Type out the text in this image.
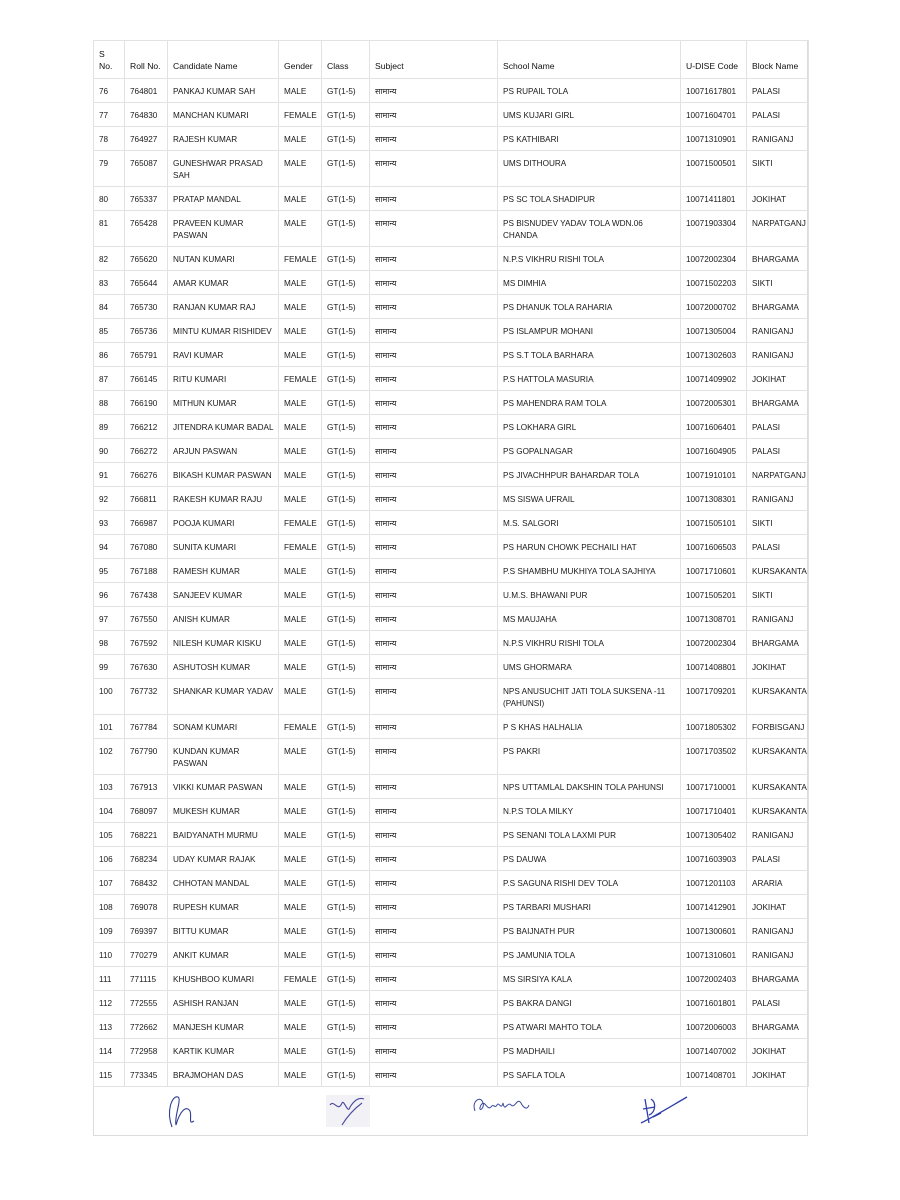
S No.	Roll No.	Candidate Name	Gender	Class	Subject	School Name	U-DISE Code	Block Name
76	764801	PANKAJ KUMAR SAH	MALE	GT(1-5)	सामान्य	PS RUPAIL TOLA	10071617801	PALASI
77	764830	MANCHAN KUMARI	FEMALE	GT(1-5)	सामान्य	UMS KUJARI GIRL	10071604701	PALASI
78	764927	RAJESH KUMAR	MALE	GT(1-5)	सामान्य	PS KATHIBARI	10071310901	RANIGANJ
79	765087	GUNESHWAR PRASAD SAH	MALE	GT(1-5)	सामान्य	UMS DITHOURA	10071500501	SIKTI
80	765337	PRATAP MANDAL	MALE	GT(1-5)	सामान्य	PS SC TOLA SHADIPUR	10071411801	JOKIHAT
81	765428	PRAVEEN KUMAR PASWAN	MALE	GT(1-5)	सामान्य	PS BISNUDEV YADAV TOLA WDN.06 CHANDA	10071903304	NARPATGANJ
82	765620	NUTAN KUMARI	FEMALE	GT(1-5)	सामान्य	N.P.S VIKHRU RISHI TOLA	10072002304	BHARGAMA
83	765644	AMAR KUMAR	MALE	GT(1-5)	सामान्य	MS DIMHIA	10071502203	SIKTI
84	765730	RANJAN KUMAR RAJ	MALE	GT(1-5)	सामान्य	PS DHANUK TOLA RAHARIA	10072000702	BHARGAMA
85	765736	MINTU KUMAR RISHIDEV	MALE	GT(1-5)	सामान्य	PS ISLAMPUR MOHANI	10071305004	RANIGANJ
86	765791	RAVI KUMAR	MALE	GT(1-5)	सामान्य	PS S.T TOLA BARHARA	10071302603	RANIGANJ
87	766145	RITU KUMARI	FEMALE	GT(1-5)	सामान्य	P.S HATTOLA MASURIA	10071409902	JOKIHAT
88	766190	MITHUN KUMAR	MALE	GT(1-5)	सामान्य	PS MAHENDRA RAM TOLA	10072005301	BHARGAMA
89	766212	JITENDRA KUMAR BADAL	MALE	GT(1-5)	सामान्य	PS LOKHARA GIRL	10071606401	PALASI
90	766272	ARJUN PASWAN	MALE	GT(1-5)	सामान्य	PS GOPALNAGAR	10071604905	PALASI
91	766276	BIKASH KUMAR PASWAN	MALE	GT(1-5)	सामान्य	PS JIVACHHPUR BAHARDAR TOLA	10071910101	NARPATGANJ
92	766811	RAKESH KUMAR RAJU	MALE	GT(1-5)	सामान्य	MS SISWA UFRAIL	10071308301	RANIGANJ
93	766987	POOJA KUMARI	FEMALE	GT(1-5)	सामान्य	M.S. SALGORI	10071505101	SIKTI
94	767080	SUNITA KUMARI	FEMALE	GT(1-5)	सामान्य	PS HARUN CHOWK PECHAILI HAT	10071606503	PALASI
95	767188	RAMESH KUMAR	MALE	GT(1-5)	सामान्य	P.S SHAMBHU MUKHIYA TOLA SAJHIYA	10071710601	KURSAKANTA
96	767438	SANJEEV KUMAR	MALE	GT(1-5)	सामान्य	U.M.S. BHAWANI PUR	10071505201	SIKTI
97	767550	ANISH KUMAR	MALE	GT(1-5)	सामान्य	MS MAUJAHA	10071308701	RANIGANJ
98	767592	NILESH KUMAR KISKU	MALE	GT(1-5)	सामान्य	N.P.S VIKHRU RISHI TOLA	10072002304	BHARGAMA
99	767630	ASHUTOSH KUMAR	MALE	GT(1-5)	सामान्य	UMS GHORMARA	10071408801	JOKIHAT
100	767732	SHANKAR KUMAR YADAV	MALE	GT(1-5)	सामान्य	NPS ANUSUCHIT JATI TOLA SUKSENA -11 (PAHUNSI)	10071709201	KURSAKANTA
101	767784	SONAM KUMARI	FEMALE	GT(1-5)	सामान्य	P S KHAS HALHALIA	10071805302	FORBISGANJ
102	767790	KUNDAN KUMAR PASWAN	MALE	GT(1-5)	सामान्य	PS PAKRI	10071703502	KURSAKANTA
103	767913	VIKKI KUMAR PASWAN	MALE	GT(1-5)	सामान्य	NPS UTTAMLAL DAKSHIN TOLA PAHUNSI	10071710001	KURSAKANTA
104	768097	MUKESH KUMAR	MALE	GT(1-5)	सामान्य	N.P.S TOLA MILKY	10071710401	KURSAKANTA
105	768221	BAIDYANATH MURMU	MALE	GT(1-5)	सामान्य	PS SENANI TOLA LAXMI PUR	10071305402	RANIGANJ
106	768234	UDAY KUMAR RAJAK	MALE	GT(1-5)	सामान्य	PS DAUWA	10071603903	PALASI
107	768432	CHHOTAN MANDAL	MALE	GT(1-5)	सामान्य	P.S SAGUNA RISHI DEV TOLA	10071201103	ARARIA
108	769078	RUPESH KUMAR	MALE	GT(1-5)	सामान्य	PS TARBARI MUSHARI	10071412901	JOKIHAT
109	769397	BITTU KUMAR	MALE	GT(1-5)	सामान्य	PS BAIJNATH PUR	10071300601	RANIGANJ
110	770279	ANKIT KUMAR	MALE	GT(1-5)	सामान्य	PS JAMUNIA TOLA	10071310601	RANIGANJ
111	771115	KHUSHBOO KUMARI	FEMALE	GT(1-5)	सामान्य	MS SIRSIYA KALA	10072002403	BHARGAMA
112	772555	ASHISH RANJAN	MALE	GT(1-5)	सामान्य	PS BAKRA DANGI	10071601801	PALASI
113	772662	MANJESH KUMAR	MALE	GT(1-5)	सामान्य	PS ATWARI MAHTO TOLA	10072006003	BHARGAMA
114	772958	KARTIK KUMAR	MALE	GT(1-5)	सामान्य	PS MADHAILI	10071407002	JOKIHAT
115	773345	BRAJMOHAN DAS	MALE	GT(1-5)	सामान्य	PS SAFLA TOLA	10071408701	JOKIHAT
